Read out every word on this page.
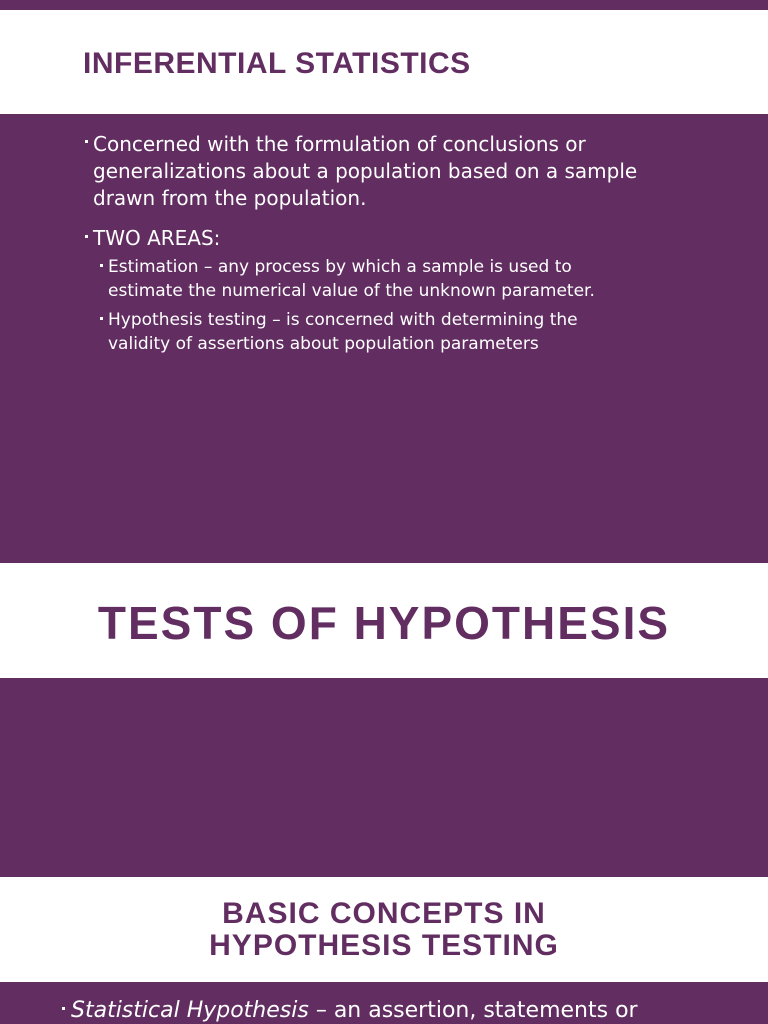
INFERENTIAL STATISTICS

Concerned with the formulation of conclusions or

generalizations about a population based on a sample

drawn from the population.

TWO AREAS:

Estimation – any process by which a sample is used to

estimate the numerical value of the unknown parameter.

Hypothesis testing – is concerned with determining the

validity of assertions about population parameters

TESTS OF HYPOTHESIS
BASIC CONCEPTS IN
HYPOTHESIS TESTING

Statistical Hypothesis – an assertion, statements or
